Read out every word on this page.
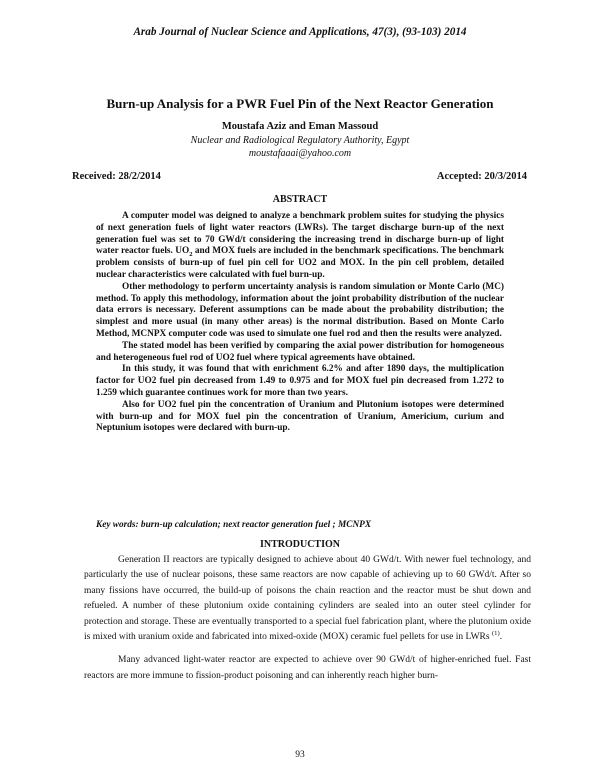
Arab Journal of Nuclear Science and Applications, 47(3), (93-103) 2014
Burn-up Analysis for a PWR Fuel Pin of the Next Reactor Generation
Moustafa Aziz and Eman Massoud
Nuclear and Radiological Regulatory Authority, Egypt
moustafaaai@yahoo.com
Received: 28/2/2014	Accepted: 20/3/2014
ABSTRACT

A computer model was deigned to analyze a benchmark problem suites for studying the physics of next generation fuels of light water reactors (LWRs). The target discharge burn-up of the next generation fuel was set to 70 GWd/t considering the increasing trend in discharge burn-up of light water reactor fuels. $UO_2$ and MOX fuels are included in the benchmark specifications. The benchmark problem consists of burn-up of fuel pin cell for UO2 and MOX. In the pin cell problem, detailed nuclear characteristics were calculated with fuel burn-up.

Other methodology to perform uncertainty analysis is random simulation or Monte Carlo (MC) method. To apply this methodology, information about the joint probability distribution of the nuclear data errors is necessary. Deferent assumptions can be made about the probability distribution; the simplest and more usual (in many other areas) is the normal distribution. Based on Monte Carlo Method, MCNPX computer code was used to simulate one fuel rod and then the results were analyzed.

The stated model has been verified by comparing the axial power distribution for homogeneous and heterogeneous fuel rod of UO2 fuel where typical agreements have obtained.

In this study, it was found that with enrichment 6.2% and after 1890 days, the multiplication factor for UO2 fuel pin decreased from 1.49 to 0.975 and for MOX fuel pin decreased from 1.272 to 1.259 which guarantee continues work for more than two years.

Also for UO2 fuel pin the concentration of Uranium and Plutonium isotopes were determined with burn-up and for MOX fuel pin the concentration of Uranium, Americium, curium and Neptunium isotopes were declared with burn-up.

Key words: burn-up calculation; next reactor generation fuel ; MCNPX
INTRODUCTION

Generation II reactors are typically designed to achieve about 40 GWd/t. With newer fuel technology, and particularly the use of nuclear poisons, these same reactors are now capable of achieving up to 60 GWd/t. After so many fissions have occurred, the build-up of poisons the chain reaction and the reactor must be shut down and refueled. A number of these plutonium oxide containing cylinders are sealed into an outer steel cylinder for protection and storage. These are eventually transported to a special fuel fabrication plant, where the plutonium oxide is mixed with uranium oxide and fabricated into mixed-oxide (MOX) ceramic fuel pellets for use in LWRs $^{(1)}$.

Many advanced light-water reactor are expected to achieve over 90 GWd/t of higher-enriched fuel. Fast reactors are more immune to fission-product poisoning and can inherently reach higher burn-

93
